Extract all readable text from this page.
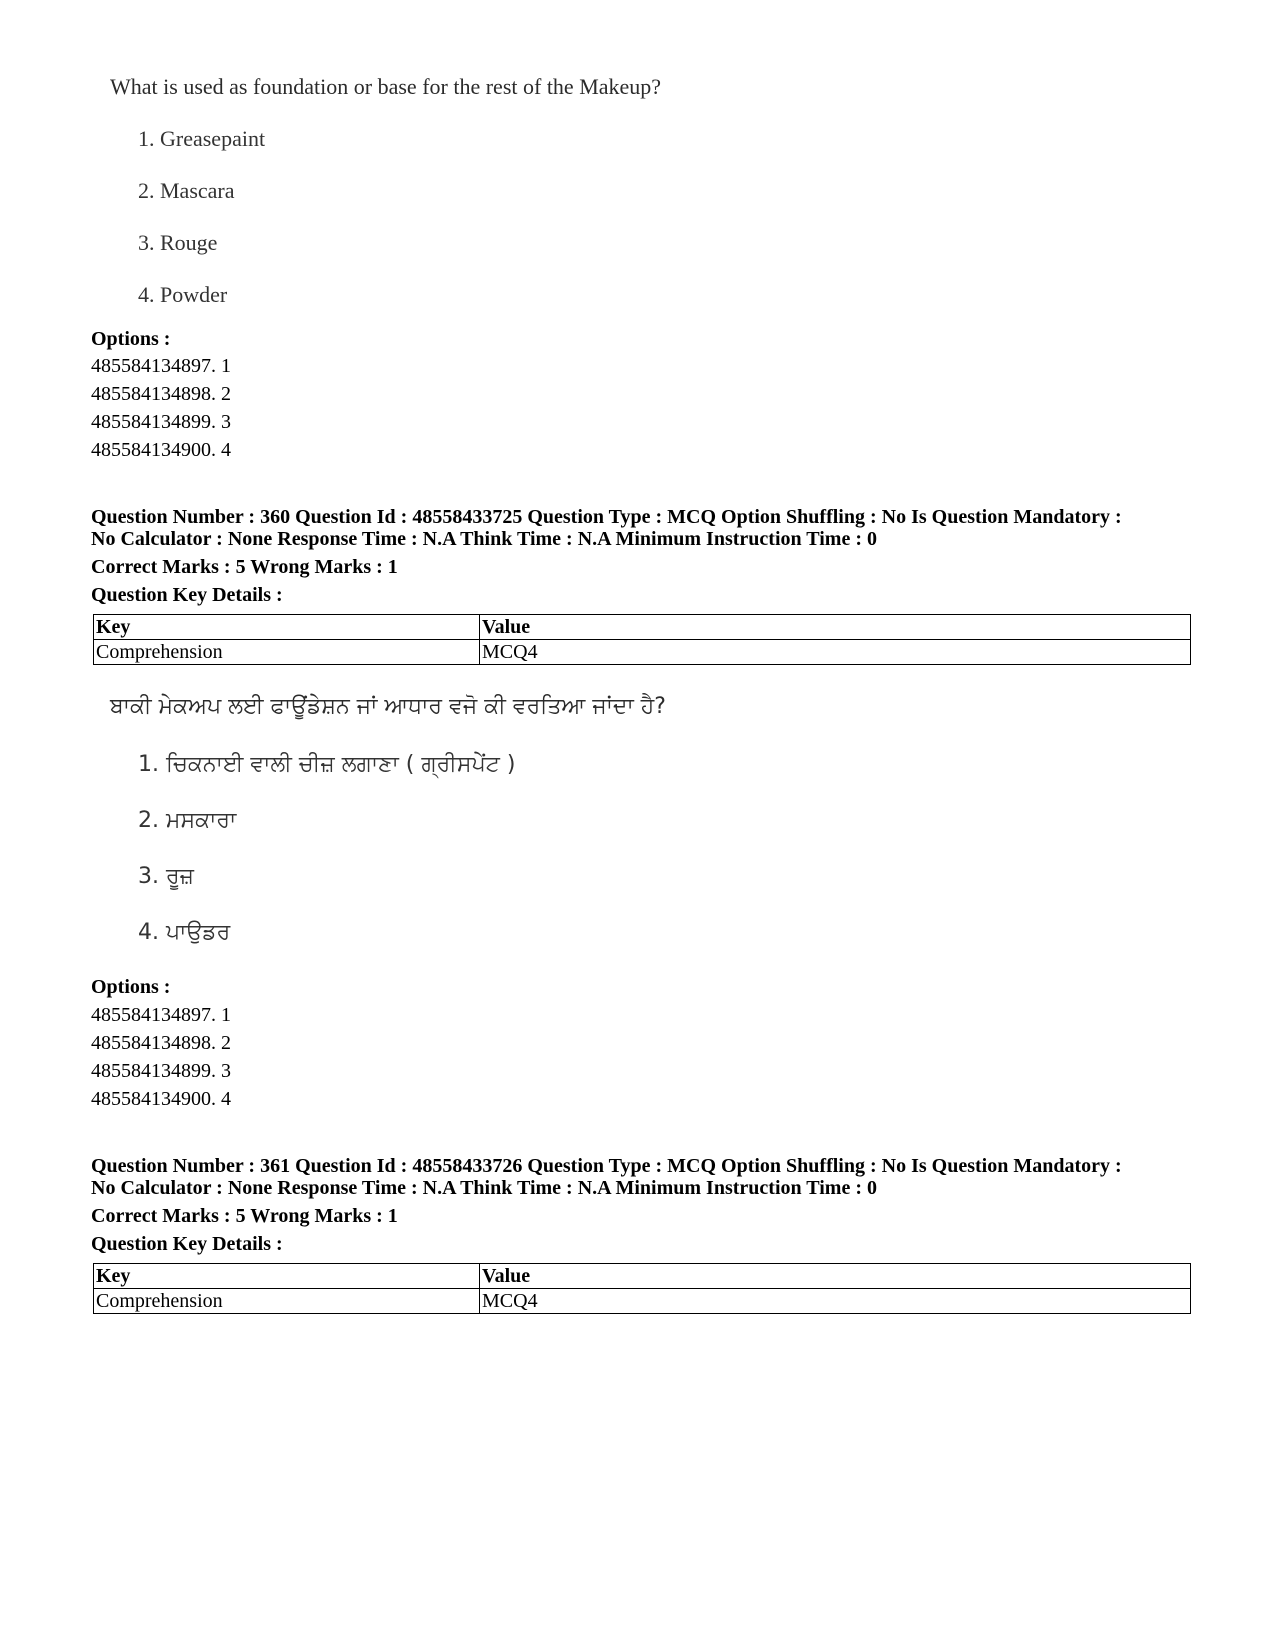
What is used as foundation or base for the rest of the Makeup?
1. Greasepaint
2. Mascara
3. Rouge
4. Powder
Options :
485584134897. 1
485584134898. 2
485584134899. 3
485584134900. 4
Question Number : 360 Question Id : 48558433725 Question Type : MCQ Option Shuffling : No Is Question Mandatory :
No Calculator : None Response Time : N.A Think Time : N.A Minimum Instruction Time : 0
Correct Marks : 5 Wrong Marks : 1
Question Key Details :
Key	Value
Comprehension	MCQ4
ਬਾਕੀ ਮੇਕਅਪ ਲਈ ਫਾਊਂਡੇਸ਼ਨ ਜਾਂ ਆਧਾਰ ਵਜੋ ਕੀ ਵਰਤਿਆ ਜਾਂਦਾ ਹੈ?
1. ਚਿਕਨਾਈ ਵਾਲੀ ਚੀਜ਼ ਲਗਾਣਾ ( ਗ੍ਰੀਸਪੇਂਟ )
2. ਮਸਕਾਰਾ
3. ਰੂਜ਼
4. ਪਾਉਡਰ
Options :
485584134897. 1
485584134898. 2
485584134899. 3
485584134900. 4
Question Number : 361 Question Id : 48558433726 Question Type : MCQ Option Shuffling : No Is Question Mandatory :
No Calculator : None Response Time : N.A Think Time : N.A Minimum Instruction Time : 0
Correct Marks : 5 Wrong Marks : 1
Question Key Details :
Key	Value
Comprehension	MCQ4
